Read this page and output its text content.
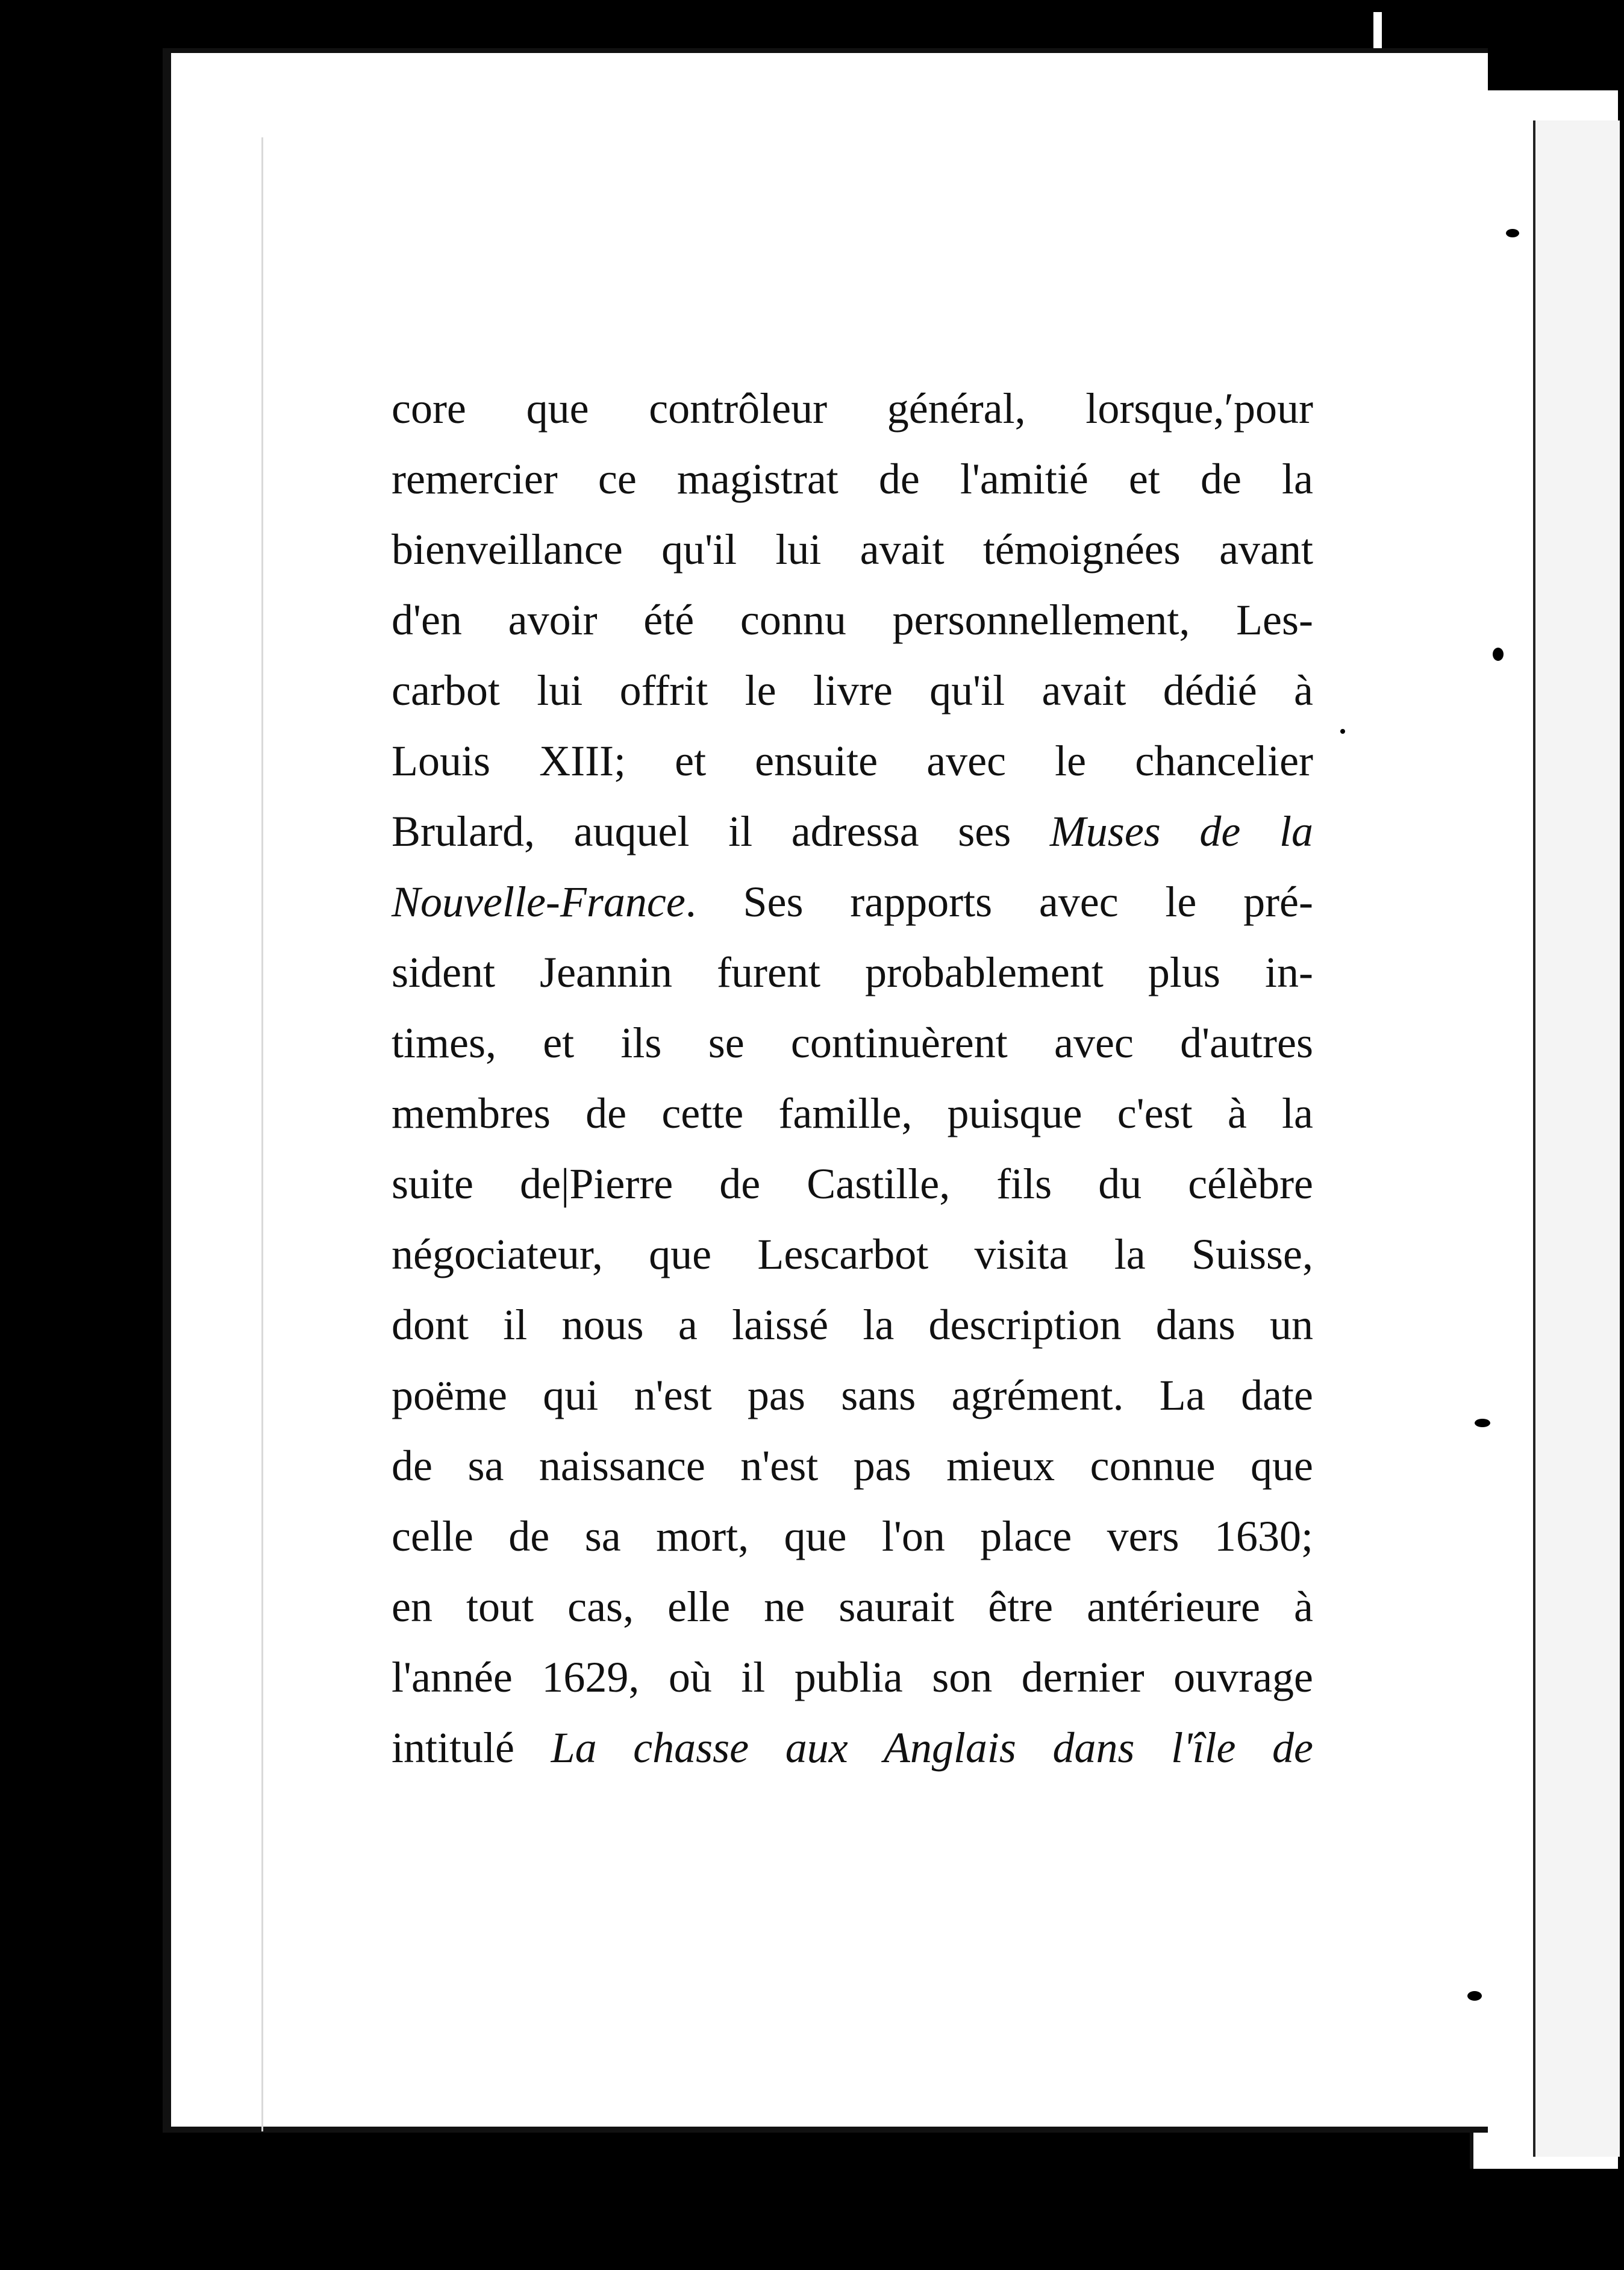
core que contrôleur général, lorsque,ʹpour
remercier ce magistrat de l'amitié et de la
bienveillance qu'il lui avait témoignées avant
d'en avoir été connu personnellement, Les-
carbot lui offrit le livre qu'il avait dédié à
Louis XIII; et ensuite avec le chancelier
Brulard, auquel il adressa ses Muses de la
Nouvelle-France. Ses rapports avec le pré-
sident Jeannin furent probablement plus in-
times, et ils se continuèrent avec d'autres
membres de cette famille, puisque c'est à la
suite de|Pierre de Castille, fils du célèbre
négociateur, que Lescarbot visita la Suisse,
dont il nous a laissé la description dans un
poëme qui n'est pas sans agrément. La date
de sa naissance n'est pas mieux connue que
celle de sa mort, que l'on place vers 1630;
en tout cas, elle ne saurait être antérieure à
l'année 1629, où il publia son dernier ouvrage
intitulé La chasse aux Anglais dans l'île de
